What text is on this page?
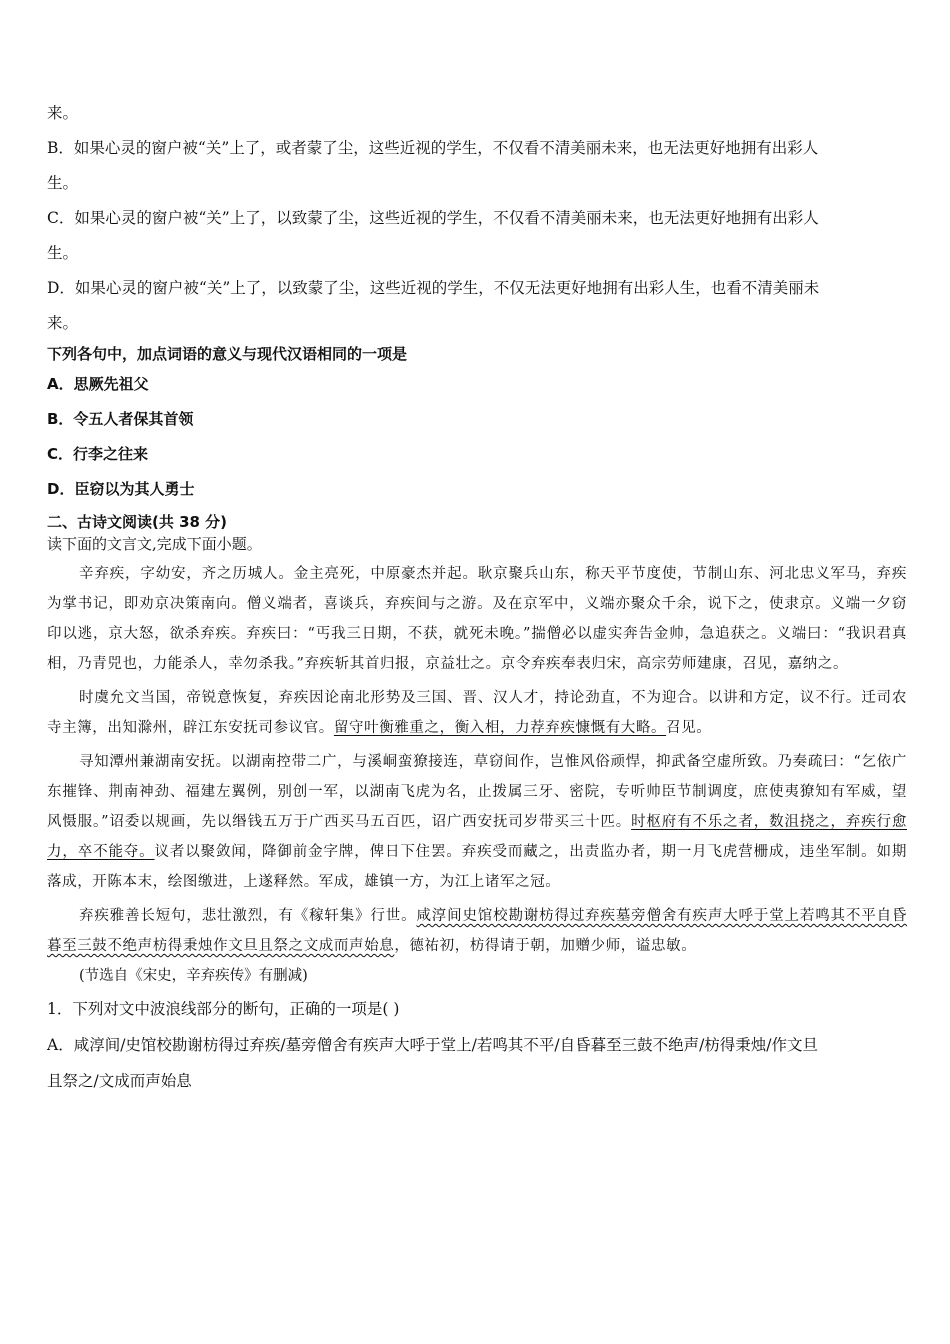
来。
B．如果心灵的窗户被“关”上了，或者蒙了尘，这些近视的学生，不仅看不清美丽未来，也无法更好地拥有出彩人
生。
C．如果心灵的窗户被“关”上了，以致蒙了尘，这些近视的学生，不仅看不清美丽未来，也无法更好地拥有出彩人
生。
D．如果心灵的窗户被“关”上了，以致蒙了尘，这些近视的学生，不仅无法更好地拥有出彩人生，也看不清美丽未
来。
下列各句中，加点词语的意义与现代汉语相同的一项是
A．思厥先祖父
B．令五人者保其首领
C．行李之往来
D．臣窃以为其人勇士
二、古诗文阅读(共 38 分)
读下面的文言文,完成下面小题。
辛弃疾，字幼安，齐之历城人。金主亮死，中原豪杰并起。耿京聚兵山东，称天平节度使，节制山东、河北忠义军马，弃疾为掌书记，即劝京决策南向。僧义端者，喜谈兵，弃疾间与之游。及在京军中，义端亦聚众千余，说下之，使隶京。义端一夕窃印以逃，京大怒，欲杀弃疾。弃疾曰：“丐我三日期，不获，就死未晚。”揣僧必以虚实奔告金帅，急追获之。义端曰：“我识君真相，乃青兕也，力能杀人，幸勿杀我。”弃疾斩其首归报，京益壮之。京令弃疾奉表归宋，高宗劳师建康，召见，嘉纳之。
时虞允文当国，帝锐意恢复，弃疾因论南北形势及三国、晋、汉人才，持论劲直，不为迎合。以讲和方定，议不行。迁司农寺主簿，出知滁州，辟江东安抚司参议官。留守叶衡雅重之，衡入相，力荐弃疾慷慨有大略。召见。
寻知潭州兼湖南安抚。以湖南控带二广，与溪峒蛮獠接连，草窃间作，岂惟风俗顽悍，抑武备空虚所致。乃奏疏曰：“乞依广东摧锋、荆南神劲、福建左翼例，别创一军，以湖南飞虎为名，止拨属三牙、密院，专听帅臣节制调度，庶使夷獠知有军威，望风慑服。”诏委以规画，先以缗钱五万于广西买马五百匹，诏广西安抚司岁带买三十匹。时枢府有不乐之者，数沮挠之，弃疾行愈力，卒不能夺。议者以聚敛闻，降御前金字牌，俾日下住罢。弃疾受而藏之，出责监办者，期一月飞虎营栅成，违坐军制。如期落成，开陈本末，绘图缴进，上遂释然。军成，雄镇一方，为江上诸军之冠。
弃疾雅善长短句，悲壮激烈，有《稼轩集》行世。咸淳间史馆校勘谢枋得过弃疾墓旁僧舍有疾声大呼于堂上若鸣其不平自昏暮至三鼓不绝声枋得秉烛作文旦且祭之文成而声始息，德祐初，枋得请于朝，加赠少师，谥忠敏。
(节选自《宋史，辛弃疾传》有删减)
1．下列对文中波浪线部分的断句，正确的一项是( )
A．咸淳间/史馆校勘谢枋得过弃疾/墓旁僧舍有疾声大呼于堂上/若鸣其不平/自昏暮至三鼓不绝声/枋得秉烛/作文旦
且祭之/文成而声始息
